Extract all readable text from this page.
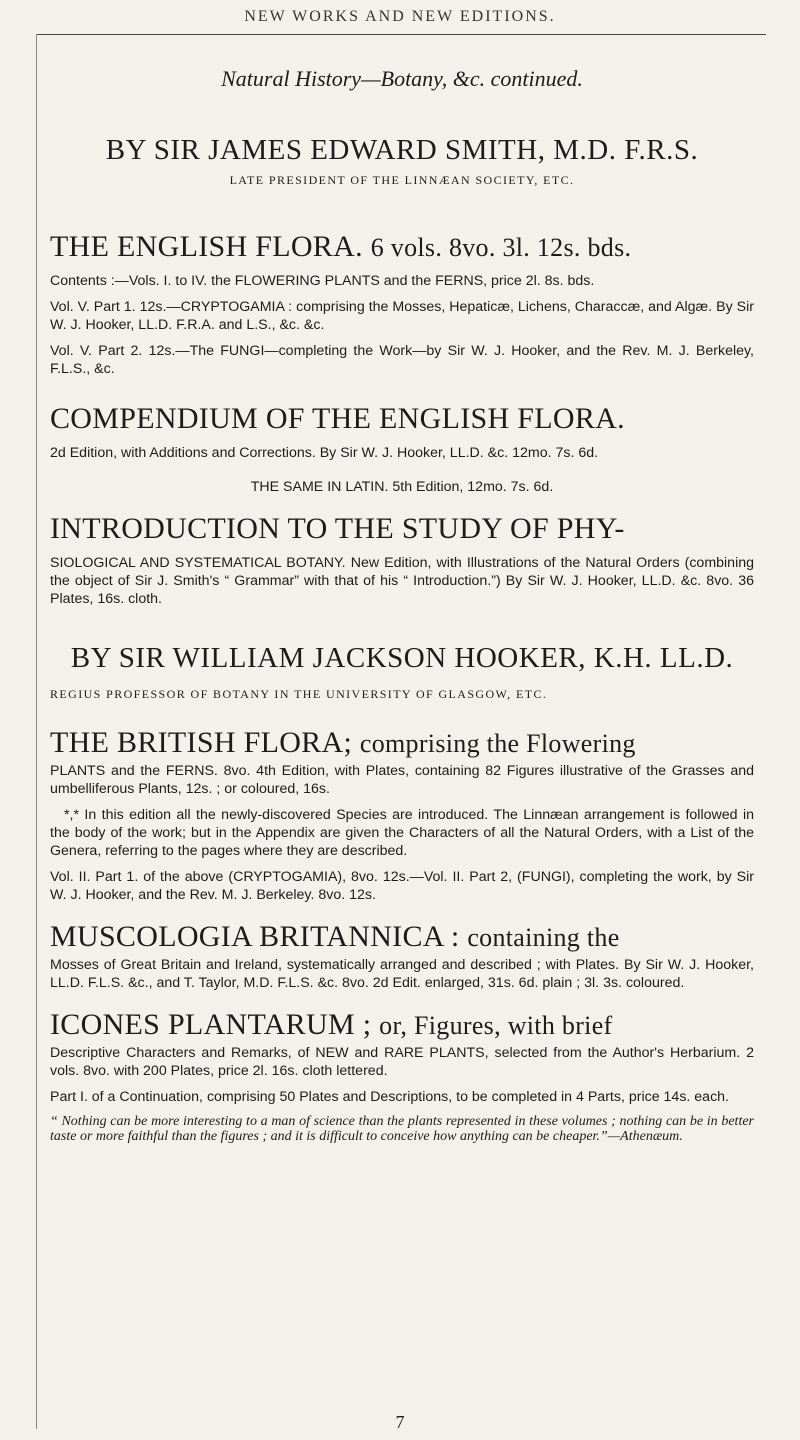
NEW WORKS AND NEW EDITIONS.
Natural History—Botany, &c. continued.
BY SIR JAMES EDWARD SMITH, M.D. F.R.S.
LATE PRESIDENT OF THE LINNÆAN SOCIETY, ETC.
THE ENGLISH FLORA. 6 vols. 8vo. 3l. 12s. bds.

Contents :—Vols. I. to IV. the FLOWERING PLANTS and the FERNS, price 2l. 8s. bds.

Vol. V. Part 1. 12s.—CRYPTOGAMIA : comprising the Mosses, Hepaticæ, Lichens, Characcæ, and Algæ. By Sir W. J. Hooker, LL.D. F.R.A. and L.S., &c. &c.

Vol. V. Part 2. 12s.—The FUNGI—completing the Work—by Sir W. J. Hooker, and the Rev. M. J. Berkeley, F.L.S., &c.

COMPENDIUM OF THE ENGLISH FLORA.

2d Edition, with Additions and Corrections. By Sir W. J. Hooker, LL.D. &c. 12mo. 7s. 6d.

THE SAME IN LATIN. 5th Edition, 12mo. 7s. 6d.

INTRODUCTION TO THE STUDY OF PHY-

SIOLOGICAL AND SYSTEMATICAL BOTANY. New Edition, with Illustrations of the Natural Orders (combining the object of Sir J. Smith's “ Grammar” with that of his “ Introduction.”) By Sir W. J. Hooker, LL.D. &c. 8vo. 36 Plates, 16s. cloth.

BY SIR WILLIAM JACKSON HOOKER, K.H. LL.D.
REGIUS PROFESSOR OF BOTANY IN THE UNIVERSITY OF GLASGOW, ETC.
THE BRITISH FLORA; comprising the Flowering

PLANTS and the FERNS. 8vo. 4th Edition, with Plates, containing 82 Figures illustrative of the Grasses and umbelliferous Plants, 12s. ; or coloured, 16s.

*,* In this edition all the newly-discovered Species are introduced. The Linnæan arrangement is followed in the body of the work; but in the Appendix are given the Characters of all the Natural Orders, with a List of the Genera, referring to the pages where they are described.

Vol. II. Part 1. of the above (CRYPTOGAMIA), 8vo. 12s.—Vol. II. Part 2, (FUNGI), completing the work, by Sir W. J. Hooker, and the Rev. M. J. Berkeley. 8vo. 12s.

MUSCOLOGIA BRITANNICA : containing the

Mosses of Great Britain and Ireland, systematically arranged and described ; with Plates. By Sir W. J. Hooker, LL.D. F.L.S. &c., and T. Taylor, M.D. F.L.S. &c. 8vo. 2d Edit. enlarged, 31s. 6d. plain ; 3l. 3s. coloured.

ICONES PLANTARUM ; or, Figures, with brief

Descriptive Characters and Remarks, of NEW and RARE PLANTS, selected from the Author's Herbarium. 2 vols. 8vo. with 200 Plates, price 2l. 16s. cloth lettered.

Part I. of a Continuation, comprising 50 Plates and Descriptions, to be completed in 4 Parts, price 14s. each.

“ Nothing can be more interesting to a man of science than the plants represented in these volumes ; nothing can be in better taste or more faithful than the figures ; and it is difficult to conceive how anything can be cheaper.”—Athenæum.

7
